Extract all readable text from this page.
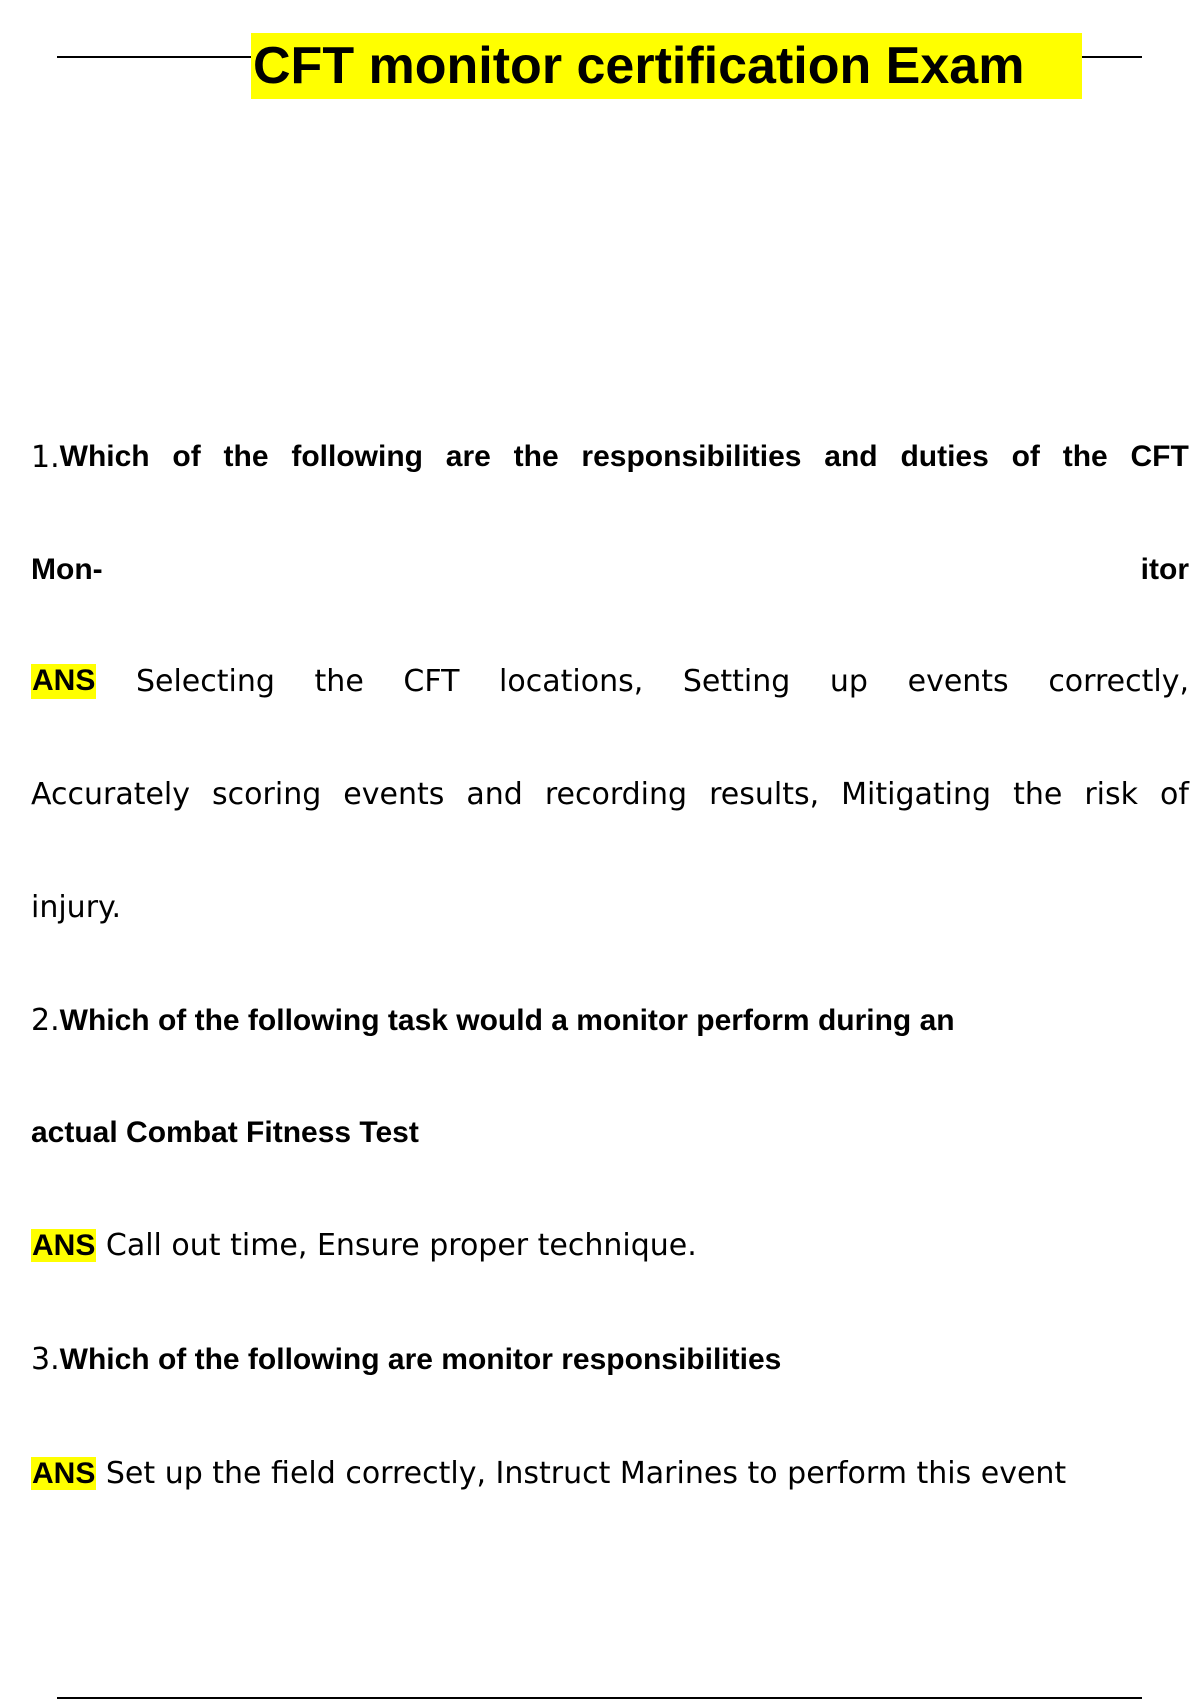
CFT monitor certification Exam
1. Which of the following are the responsibilities and duties of the CFT
Mon-	itor
ANS Selecting the CFT locations, Setting up events correctly,
Accurately scoring events and recording results, Mitigating the risk of
injury.
2.Which of the following task would a monitor perform during an
actual Combat Fitness Test
ANS Call out time, Ensure proper technique.
3.Which of the following are monitor responsibilities
ANS Set up the field correctly, Instruct Marines to perform this event
